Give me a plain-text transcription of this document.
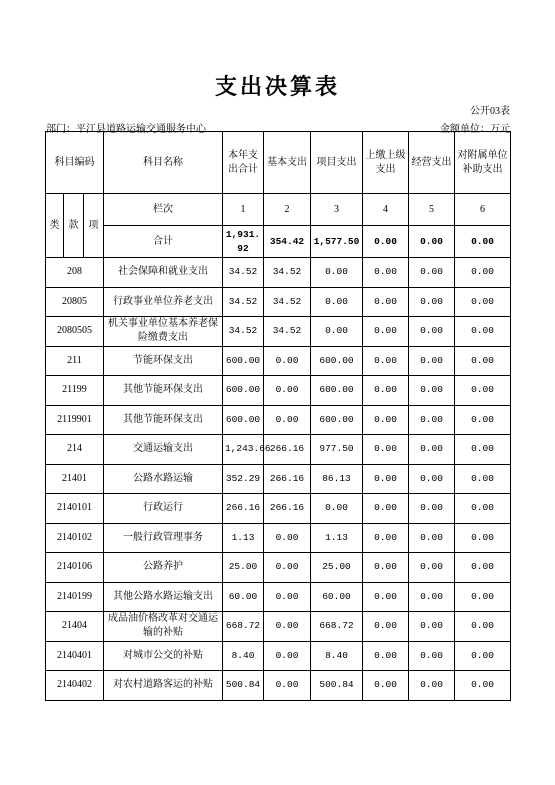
支出决算表
公开03表
部门：平江县道路运输交通服务中心	金额单位：万元
科目编码			科目名称	本年支出合计	基本支出	项目支出	上缴上级支出	经营支出	对附属单位补助支出
类	款	项	栏次	1	2	3	4	5	6
			合计	1,931.92	354.42	1,577.50	0.00	0.00	0.00
208			社会保障和就业支出	34.52	34.52	0.00	0.00	0.00	0.00
20805			行政事业单位养老支出	34.52	34.52	0.00	0.00	0.00	0.00
2080505			机关事业单位基本养老保险缴费支出	34.52	34.52	0.00	0.00	0.00	0.00
211			节能环保支出	600.00	0.00	600.00	0.00	0.00	0.00
21199			其他节能环保支出	600.00	0.00	600.00	0.00	0.00	0.00
2119901			其他节能环保支出	600.00	0.00	600.00	0.00	0.00	0.00
214			交通运输支出	1,243.66	266.16	977.50	0.00	0.00	0.00
21401			公路水路运输	352.29	266.16	86.13	0.00	0.00	0.00
2140101			行政运行	266.16	266.16	0.00	0.00	0.00	0.00
2140102			一般行政管理事务	1.13	0.00	1.13	0.00	0.00	0.00
2140106			公路养护	25.00	0.00	25.00	0.00	0.00	0.00
2140199			其他公路水路运输支出	60.00	0.00	60.00	0.00	0.00	0.00
21404			成品油价格改革对交通运输的补贴	668.72	0.00	668.72	0.00	0.00	0.00
2140401			对城市公交的补贴	8.40	0.00	8.40	0.00	0.00	0.00
2140402			对农村道路客运的补贴	500.84	0.00	500.84	0.00	0.00	0.00
